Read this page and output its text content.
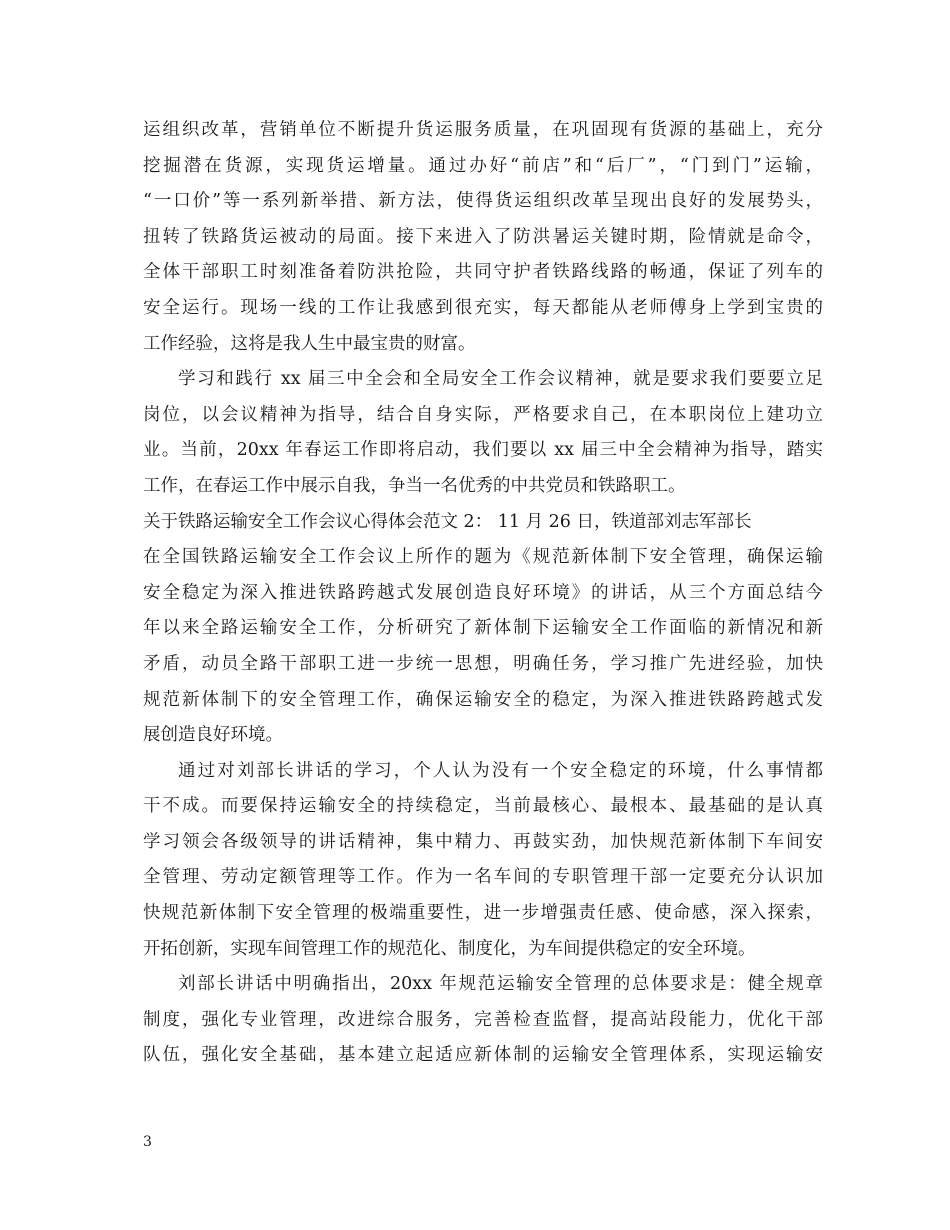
运组织改革，营销单位不断提升货运服务质量，在巩固现有货源的基础上，充分
挖掘潜在货源，实现货运增量。通过办好“前店”和“后厂”，“门到门”运输，
“一口价”等一系列新举措、新方法，使得货运组织改革呈现出良好的发展势头，
扭转了铁路货运被动的局面。接下来进入了防洪暑运关键时期，险情就是命令，
全体干部职工时刻准备着防洪抢险，共同守护者铁路线路的畅通，保证了列车的
安全运行。现场一线的工作让我感到很充实，每天都能从老师傅身上学到宝贵的
工作经验，这将是我人生中最宝贵的财富。
学习和践行 xx 届三中全会和全局安全工作会议精神，就是要求我们要要立足
岗位，以会议精神为指导，结合自身实际，严格要求自己，在本职岗位上建功立
业。当前，20xx 年春运工作即将启动，我们要以 xx 届三中全会精神为指导，踏实
工作，在春运工作中展示自我，争当一名优秀的中共党员和铁路职工。
关于铁路运输安全工作会议心得体会范文 2： 11 月 26 日，铁道部刘志军部长
在全国铁路运输安全工作会议上所作的题为《规范新体制下安全管理，确保运输
安全稳定为深入推进铁路跨越式发展创造良好环境》的讲话，从三个方面总结今
年以来全路运输安全工作，分析研究了新体制下运输安全工作面临的新情况和新
矛盾，动员全路干部职工进一步统一思想，明确任务，学习推广先进经验，加快
规范新体制下的安全管理工作，确保运输安全的稳定，为深入推进铁路跨越式发
展创造良好环境。
通过对刘部长讲话的学习，个人认为没有一个安全稳定的环境，什么事情都
干不成。而要保持运输安全的持续稳定，当前最核心、最根本、最基础的是认真
学习领会各级领导的讲话精神，集中精力、再鼓实劲，加快规范新体制下车间安
全管理、劳动定额管理等工作。作为一名车间的专职管理干部一定要充分认识加
快规范新体制下安全管理的极端重要性，进一步增强责任感、使命感，深入探索，
开拓创新，实现车间管理工作的规范化、制度化，为车间提供稳定的安全环境。
刘部长讲话中明确指出，20xx 年规范运输安全管理的总体要求是：健全规章
制度，强化专业管理，改进综合服务，完善检查监督，提高站段能力，优化干部
队伍，强化安全基础，基本建立起适应新体制的运输安全管理体系，实现运输安
3
